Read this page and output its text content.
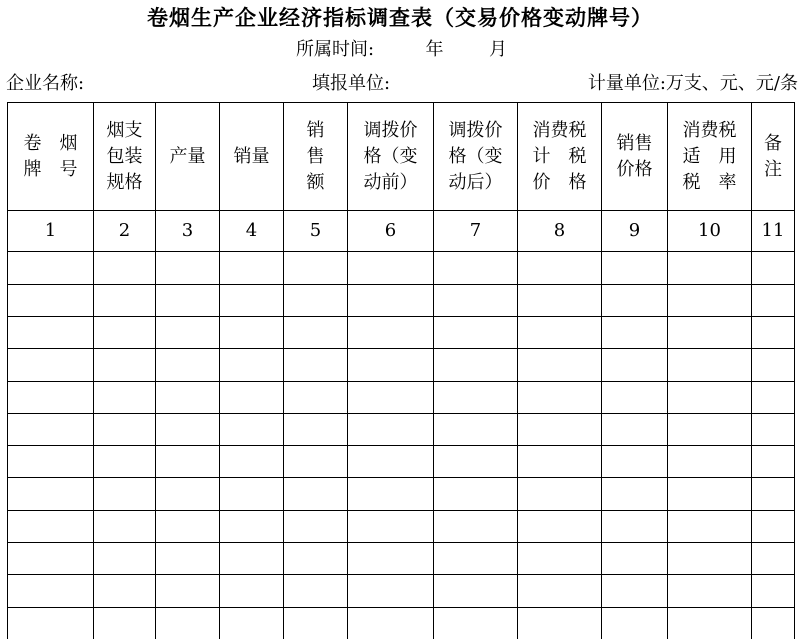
卷烟生产企业经济指标调查表（交易价格变动牌号）
所属时间:	年	月
企业名称:	填报单位:	计量单位:万支、元、元/条
卷　烟
牌　号	烟支
包装
规格	产量	销量	销
售
额	调拨价
格（变
动前）	调拨价
格（变
动后）	消费税
计　税
价　格	销售
价格	消费税
适　用
税　率	备
注
1	2	3	4	5	6	7	8	9	10	11
